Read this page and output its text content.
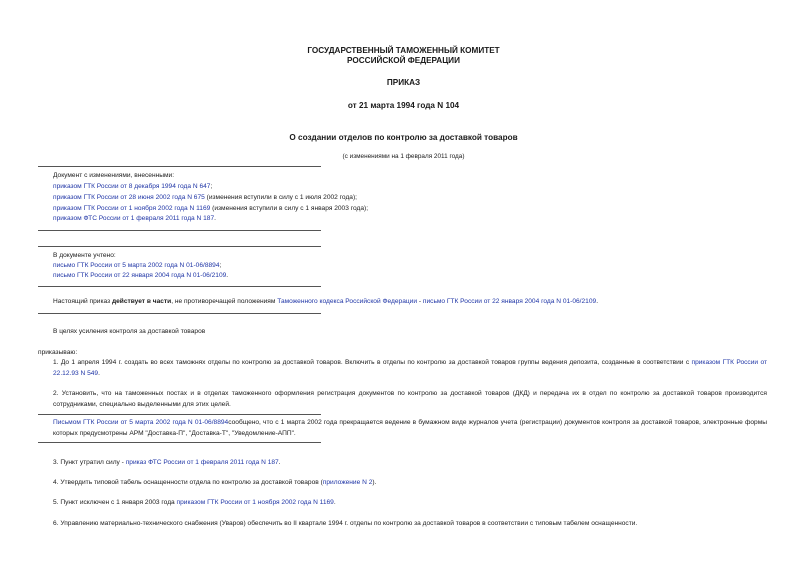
ГОСУДАРСТВЕННЫЙ ТАМОЖЕННЫЙ КОМИТЕТ
РОССИЙСКОЙ ФЕДЕРАЦИИ
ПРИКАЗ
от 21 марта 1994 года N 104
О создании отделов по контролю за доставкой товаров
(с изменениями на 1 февраля 2011 года)
Документ с изменениями, внесенными:
приказом ГТК России от 8 декабря 1994 года N 647;
приказом ГТК России от 28 июня 2002 года N 675 (изменения вступили в силу с 1 июля 2002 года);
приказом ГТК России от 1 ноября 2002 года N 1169 (изменения вступили в силу с 1 января 2003 года);
приказом ФТС России от 1 февраля 2011 года N 187.
В документе учтено:
письмо ГТК России от 5 марта 2002 года N 01-06/8894;
письмо ГТК России от 22 января 2004 года N 01-06/2109.
Настоящий приказ действует в части, не противоречащей положениям Таможенного кодекса Российской Федерации - письмо ГТК России от 22 января 2004 года N 01-06/2109.
В целях усиления контроля за доставкой товаров
приказываю:
1. До 1 апреля 1994 г. создать во всех таможнях отделы по контролю за доставкой товаров. Включить в отделы по контролю за доставкой товаров группы ведения депозита, созданные в соответствии с приказом ГТК России от 22.12.93 N 549.
2. Установить, что на таможенных постах и в отделах таможенного оформления регистрация документов по контролю за доставкой товаров (ДКД) и передача их в отдел по контролю за доставкой товаров производится сотрудниками, специально выделенными для этих целей.
Письмом ГТК России от 5 марта 2002 года N 01-06/8894сообщено, что с 1 марта 2002 года прекращается ведение в бумажном виде журналов учета (регистрации) документов контроля за доставкой товаров, электронные формы которых предусмотрены АРМ "Доставка-П", "Доставка-Т", "Уведомление-АПП".
3. Пункт утратил силу - приказ ФТС России от 1 февраля 2011 года N 187.
4. Утвердить типовой табель оснащенности отдела по контролю за доставкой товаров (приложение N 2).
5. Пункт исключен с 1 января 2003 года приказом ГТК России от 1 ноября 2002 года N 1169.
6. Управлению материально-технического снабжения (Уваров) обеспечить во II квартале 1994 г. отделы по контролю за доставкой товаров в соответствии с типовым табелем оснащенности.
